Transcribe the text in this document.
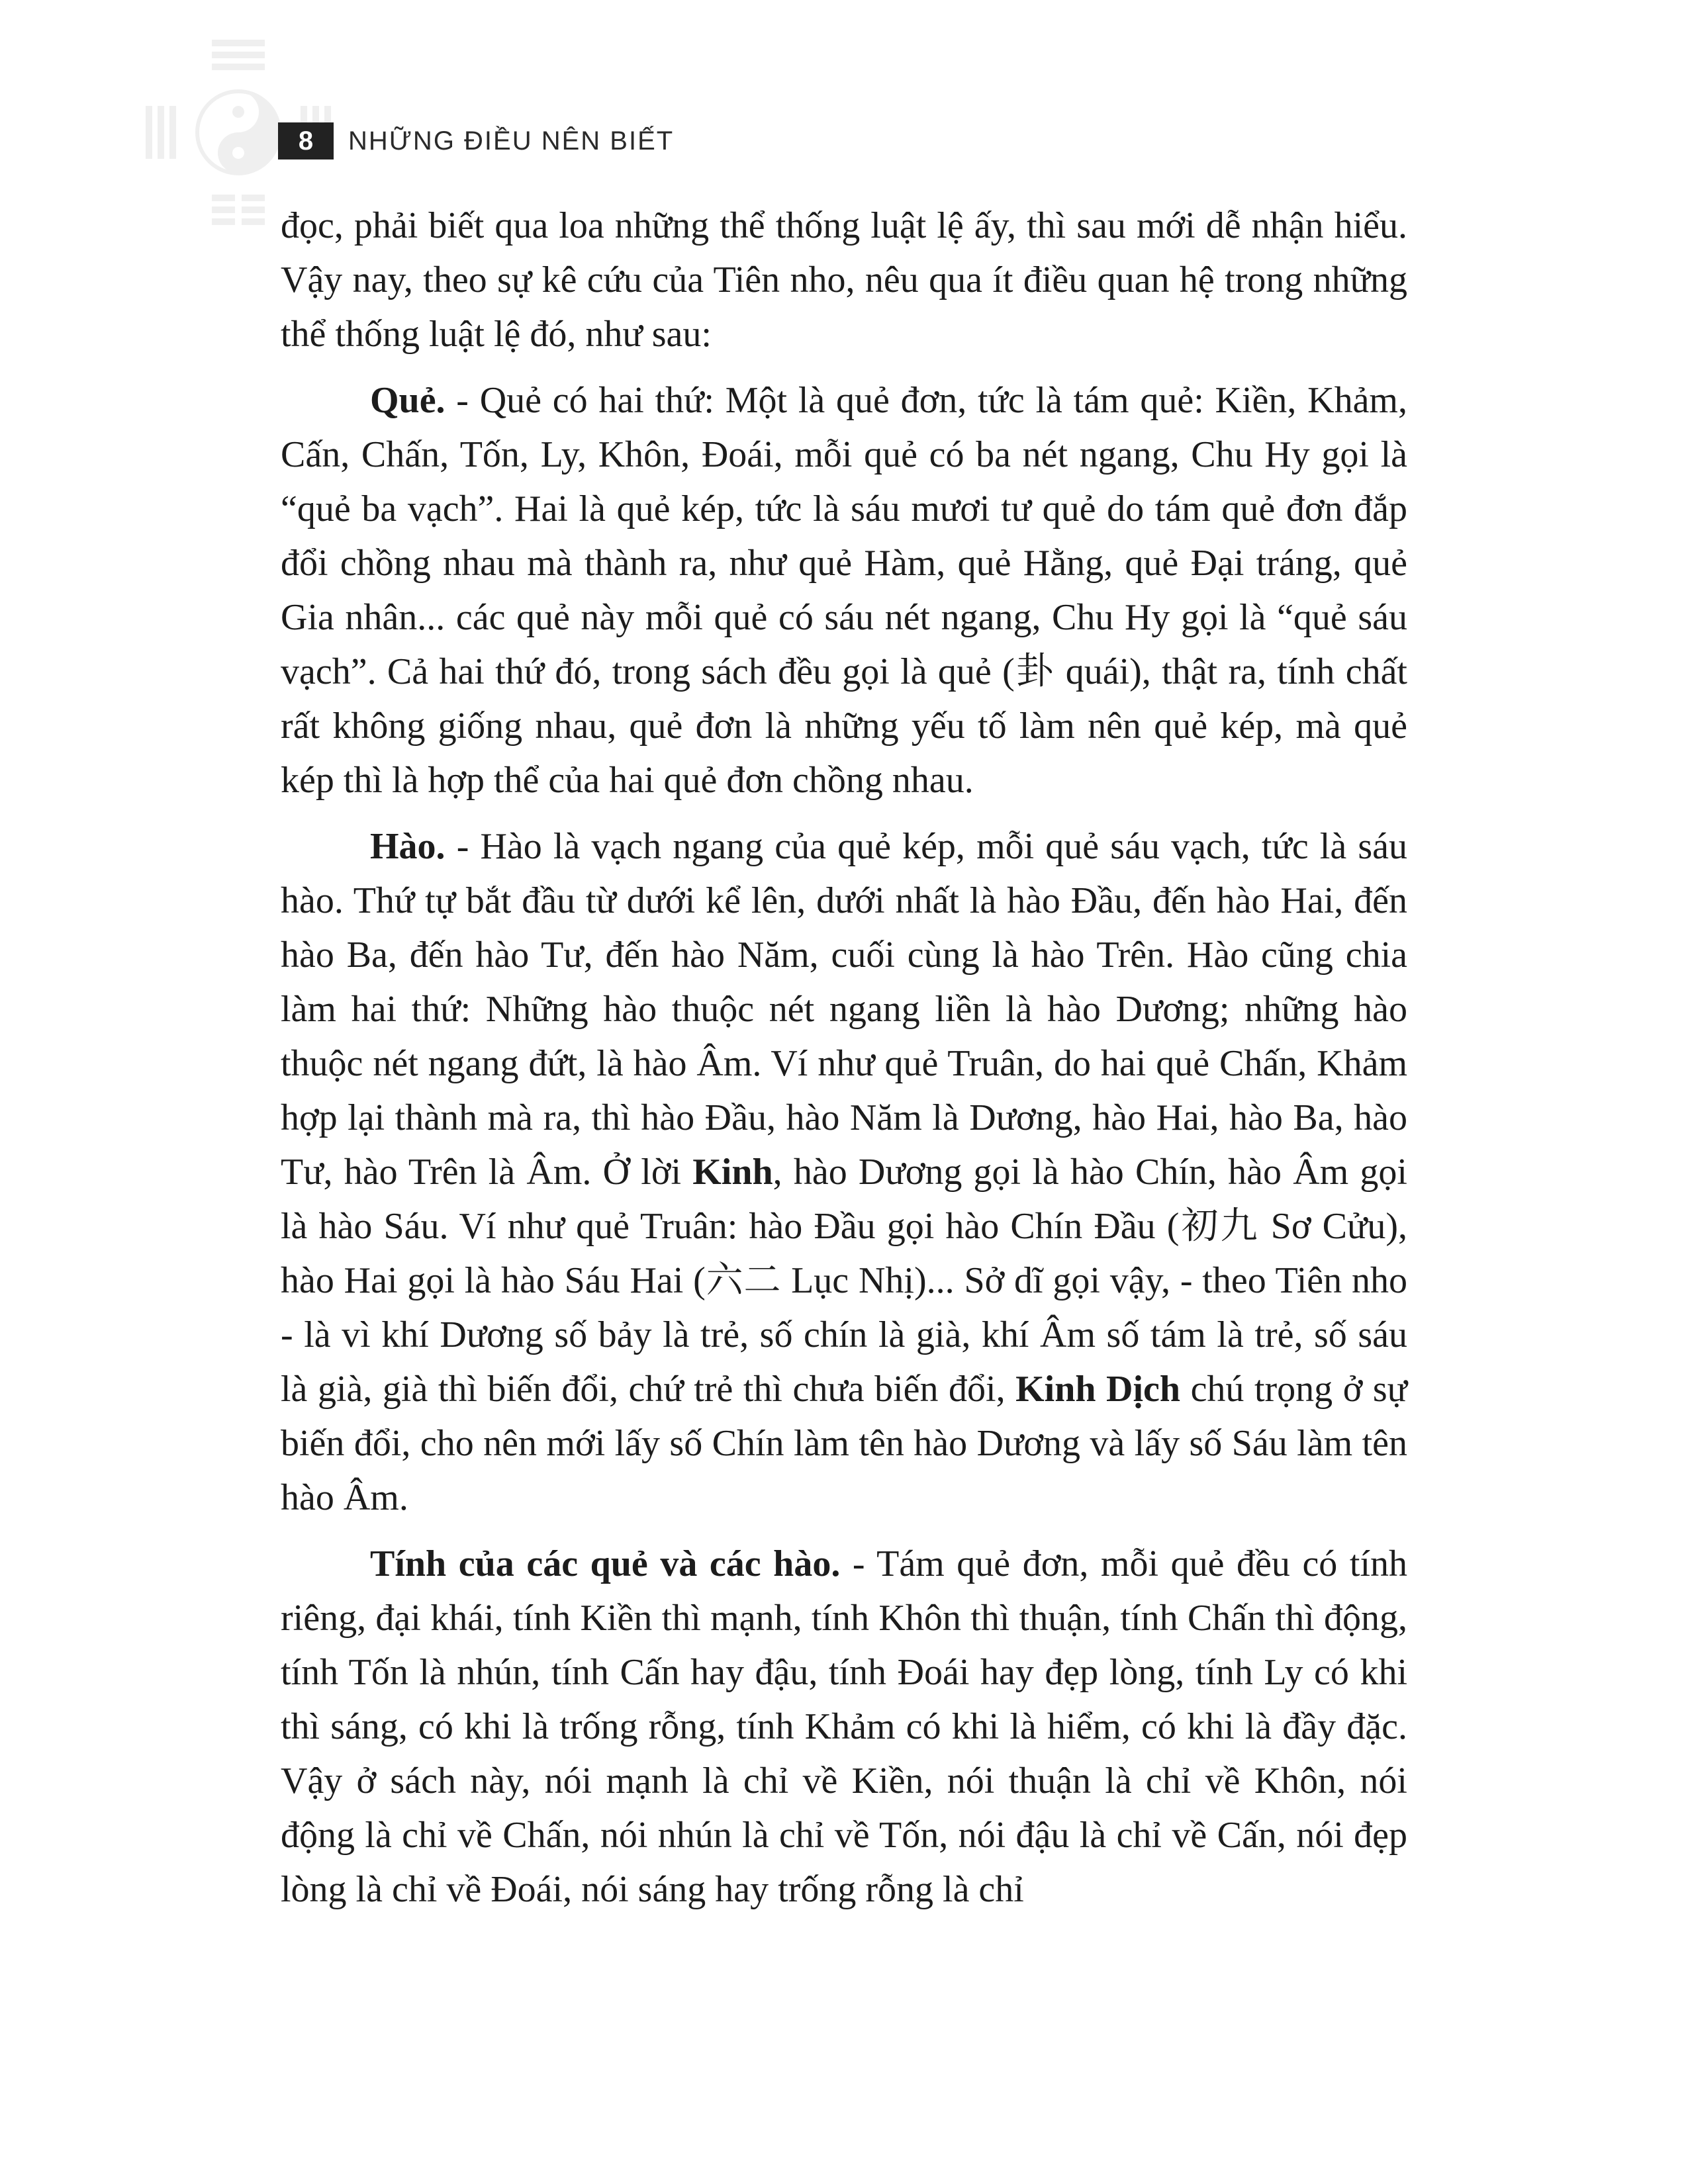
8	NHỮNG ĐIỀU NÊN BIẾT

đọc, phải biết qua loa những thể thống luật lệ ấy, thì sau mới dễ nhận hiểu. Vậy nay, theo sự kê cứu của Tiên nho, nêu qua ít điều quan hệ trong những thể thống luật lệ đó, như sau:

Quẻ. - Quẻ có hai thứ: Một là quẻ đơn, tức là tám quẻ: Kiền, Khảm, Cấn, Chấn, Tốn, Ly, Khôn, Đoái, mỗi quẻ có ba nét ngang, Chu Hy gọi là “quẻ ba vạch”. Hai là quẻ kép, tức là sáu mươi tư quẻ do tám quẻ đơn đắp đổi chồng nhau mà thành ra, như quẻ Hàm, quẻ Hằng, quẻ Đại tráng, quẻ Gia nhân... các quẻ này mỗi quẻ có sáu nét ngang, Chu Hy gọi là “quẻ sáu vạch”. Cả hai thứ đó, trong sách đều gọi là quẻ (卦 quái), thật ra, tính chất rất không giống nhau, quẻ đơn là những yếu tố làm nên quẻ kép, mà quẻ kép thì là hợp thể của hai quẻ đơn chồng nhau.

Hào. - Hào là vạch ngang của quẻ kép, mỗi quẻ sáu vạch, tức là sáu hào. Thứ tự bắt đầu từ dưới kể lên, dưới nhất là hào Đầu, đến hào Hai, đến hào Ba, đến hào Tư, đến hào Năm, cuối cùng là hào Trên. Hào cũng chia làm hai thứ: Những hào thuộc nét ngang liền là hào Dương; những hào thuộc nét ngang đứt, là hào Âm. Ví như quẻ Truân, do hai quẻ Chấn, Khảm hợp lại thành mà ra, thì hào Đầu, hào Năm là Dương, hào Hai, hào Ba, hào Tư, hào Trên là Âm. Ở lời Kinh, hào Dương gọi là hào Chín, hào Âm gọi là hào Sáu. Ví như quẻ Truân: hào Đầu gọi hào Chín Đầu (初九 Sơ Cửu), hào Hai gọi là hào Sáu Hai (六二 Lục Nhị)... Sở dĩ gọi vậy, - theo Tiên nho - là vì khí Dương số bảy là trẻ, số chín là già, khí Âm số tám là trẻ, số sáu là già, già thì biến đổi, chứ trẻ thì chưa biến đổi, Kinh Dịch chú trọng ở sự biến đổi, cho nên mới lấy số Chín làm tên hào Dương và lấy số Sáu làm tên hào Âm.

Tính của các quẻ và các hào. - Tám quẻ đơn, mỗi quẻ đều có tính riêng, đại khái, tính Kiền thì mạnh, tính Khôn thì thuận, tính Chấn thì động, tính Tốn là nhún, tính Cấn hay đậu, tính Đoái hay đẹp lòng, tính Ly có khi thì sáng, có khi là trống rỗng, tính Khảm có khi là hiểm, có khi là đầy đặc. Vậy ở sách này, nói mạnh là chỉ về Kiền, nói thuận là chỉ về Khôn, nói động là chỉ về Chấn, nói nhún là chỉ về Tốn, nói đậu là chỉ về Cấn, nói đẹp lòng là chỉ về Đoái, nói sáng hay trống rỗng là chỉ
